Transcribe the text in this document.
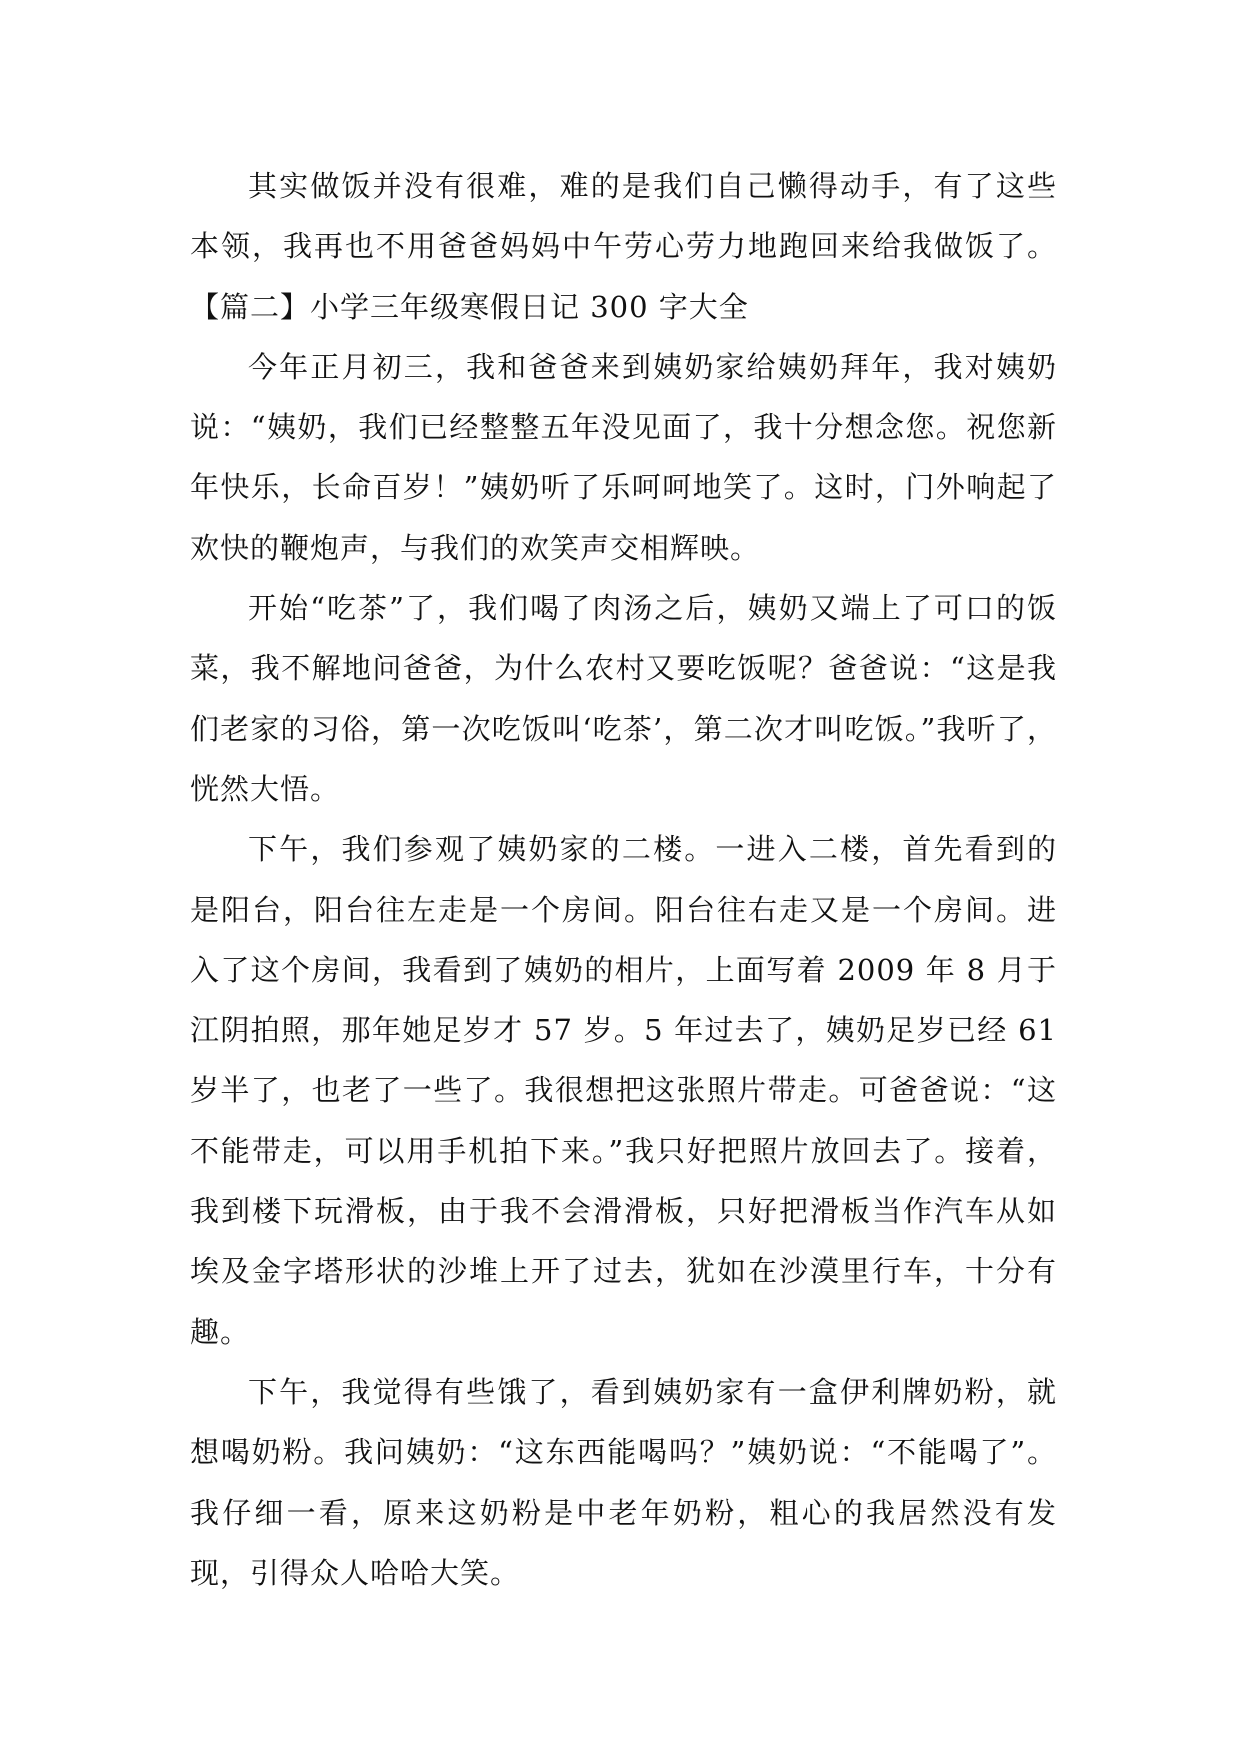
其实做饭并没有很难，难的是我们自己懒得动手，有了这些本领，我再也不用爸爸妈妈中午劳心劳力地跑回来给我做饭了。【篇二】小学三年级寒假日记 300 字大全

今年正月初三，我和爸爸来到姨奶家给姨奶拜年，我对姨奶说：“姨奶，我们已经整整五年没见面了，我十分想念您。祝您新年快乐，长命百岁！”姨奶听了乐呵呵地笑了。这时，门外响起了欢快的鞭炮声，与我们的欢笑声交相辉映。

开始“吃茶”了，我们喝了肉汤之后，姨奶又端上了可口的饭菜，我不解地问爸爸，为什么农村又要吃饭呢？爸爸说：“这是我们老家的习俗，第一次吃饭叫‘吃茶’，第二次才叫吃饭。”我听了，恍然大悟。

下午，我们参观了姨奶家的二楼。一进入二楼，首先看到的是阳台，阳台往左走是一个房间。阳台往右走又是一个房间。进入了这个房间，我看到了姨奶的相片，上面写着 2009 年 8 月于江阴拍照，那年她足岁才 57 岁。5 年过去了，姨奶足岁已经 61 岁半了，也老了一些了。我很想把这张照片带走。可爸爸说：“这不能带走，可以用手机拍下来。”我只好把照片放回去了。接着，我到楼下玩滑板，由于我不会滑滑板，只好把滑板当作汽车从如埃及金字塔形状的沙堆上开了过去，犹如在沙漠里行车，十分有趣。

下午，我觉得有些饿了，看到姨奶家有一盒伊利牌奶粉，就想喝奶粉。我问姨奶：“这东西能喝吗？”姨奶说：“不能喝了”。我仔细一看，原来这奶粉是中老年奶粉，粗心的我居然没有发现，引得众人哈哈大笑。
